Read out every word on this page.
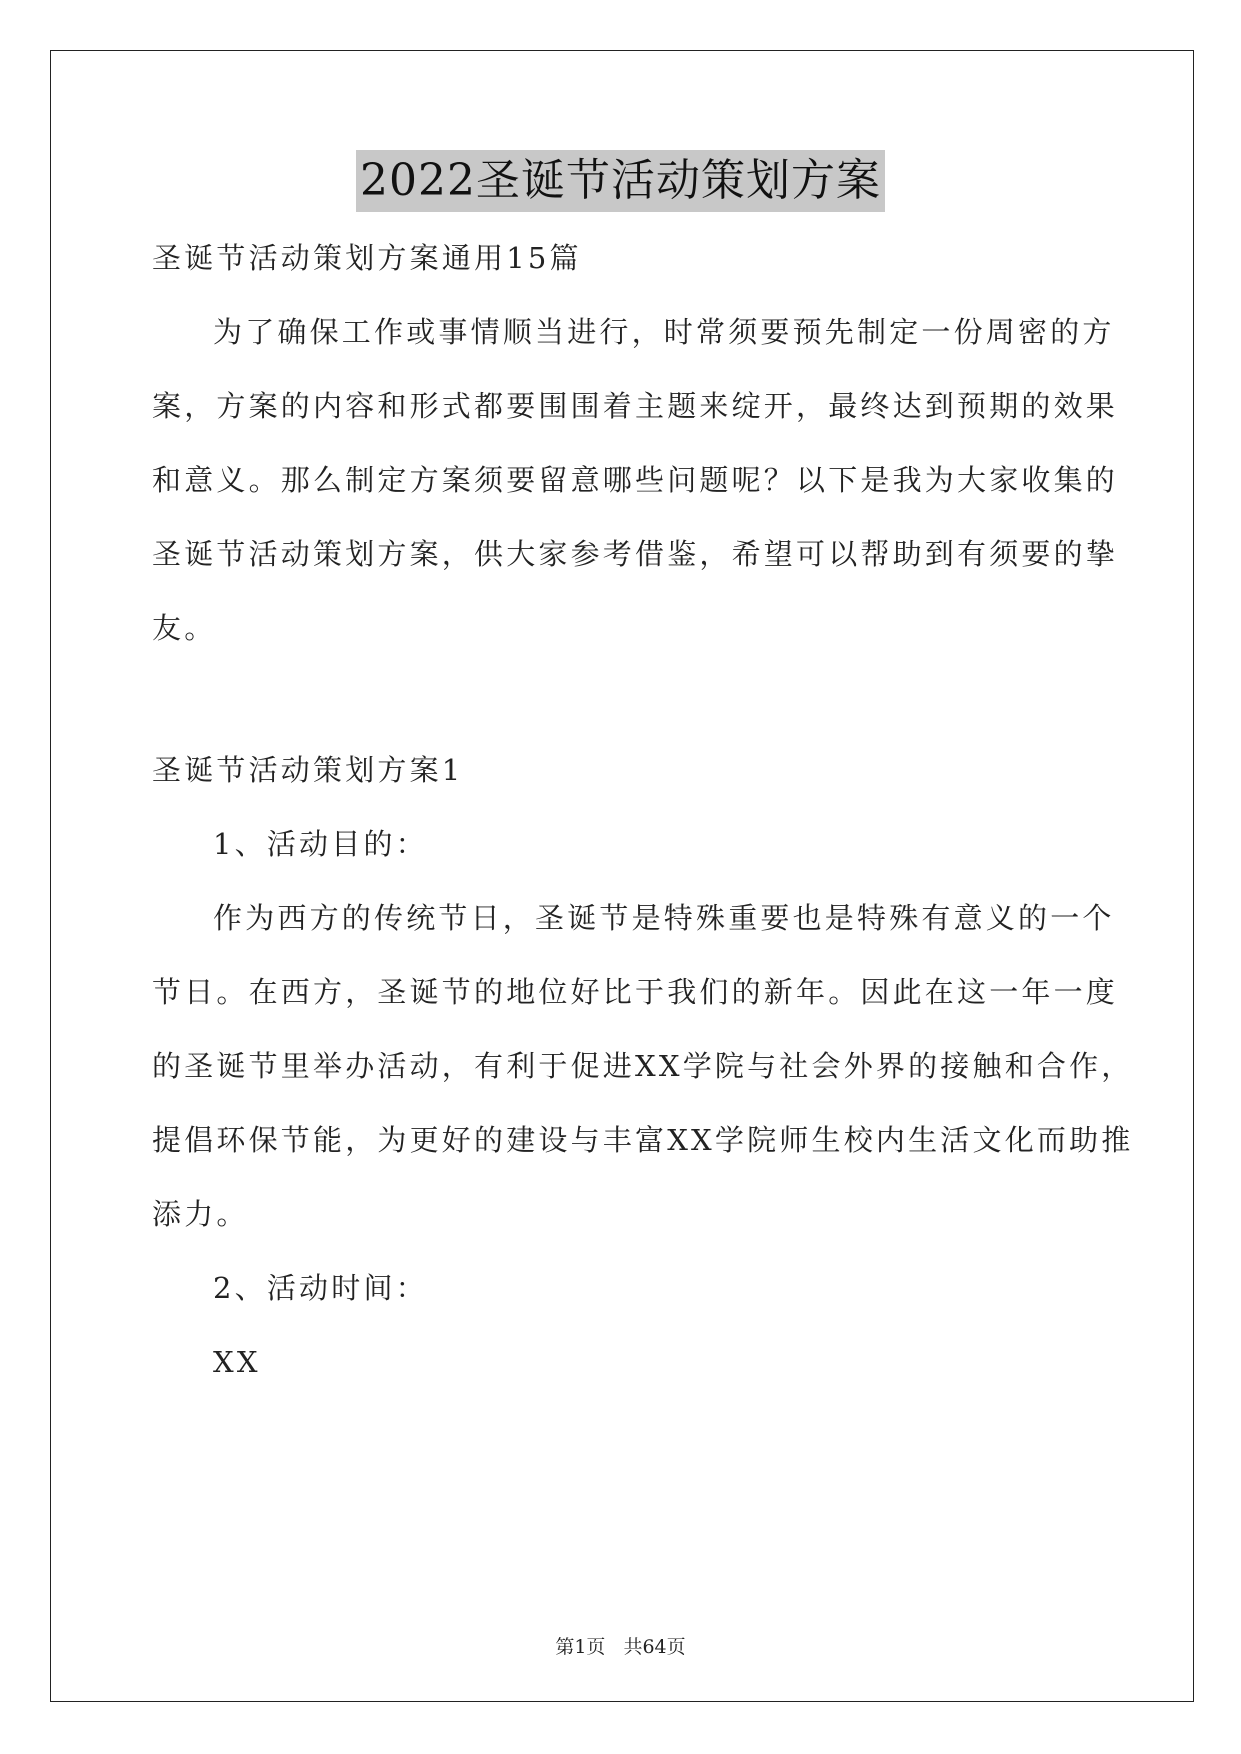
2022圣诞节活动策划方案
圣诞节活动策划方案通用15篇
为了确保工作或事情顺当进行，时常须要预先制定一份周密的方
案，方案的内容和形式都要围围着主题来绽开，最终达到预期的效果
和意义。那么制定方案须要留意哪些问题呢？以下是我为大家收集的
圣诞节活动策划方案，供大家参考借鉴，希望可以帮助到有须要的挚
友。
圣诞节活动策划方案1
1、活动目的：
作为西方的传统节日，圣诞节是特殊重要也是特殊有意义的一个
节日。在西方，圣诞节的地位好比于我们的新年。因此在这一年一度
的圣诞节里举办活动，有利于促进XX学院与社会外界的接触和合作，
提倡环保节能，为更好的建设与丰富XX学院师生校内生活文化而助推
添力。
2、活动时间：
XX
第1页 共64页
